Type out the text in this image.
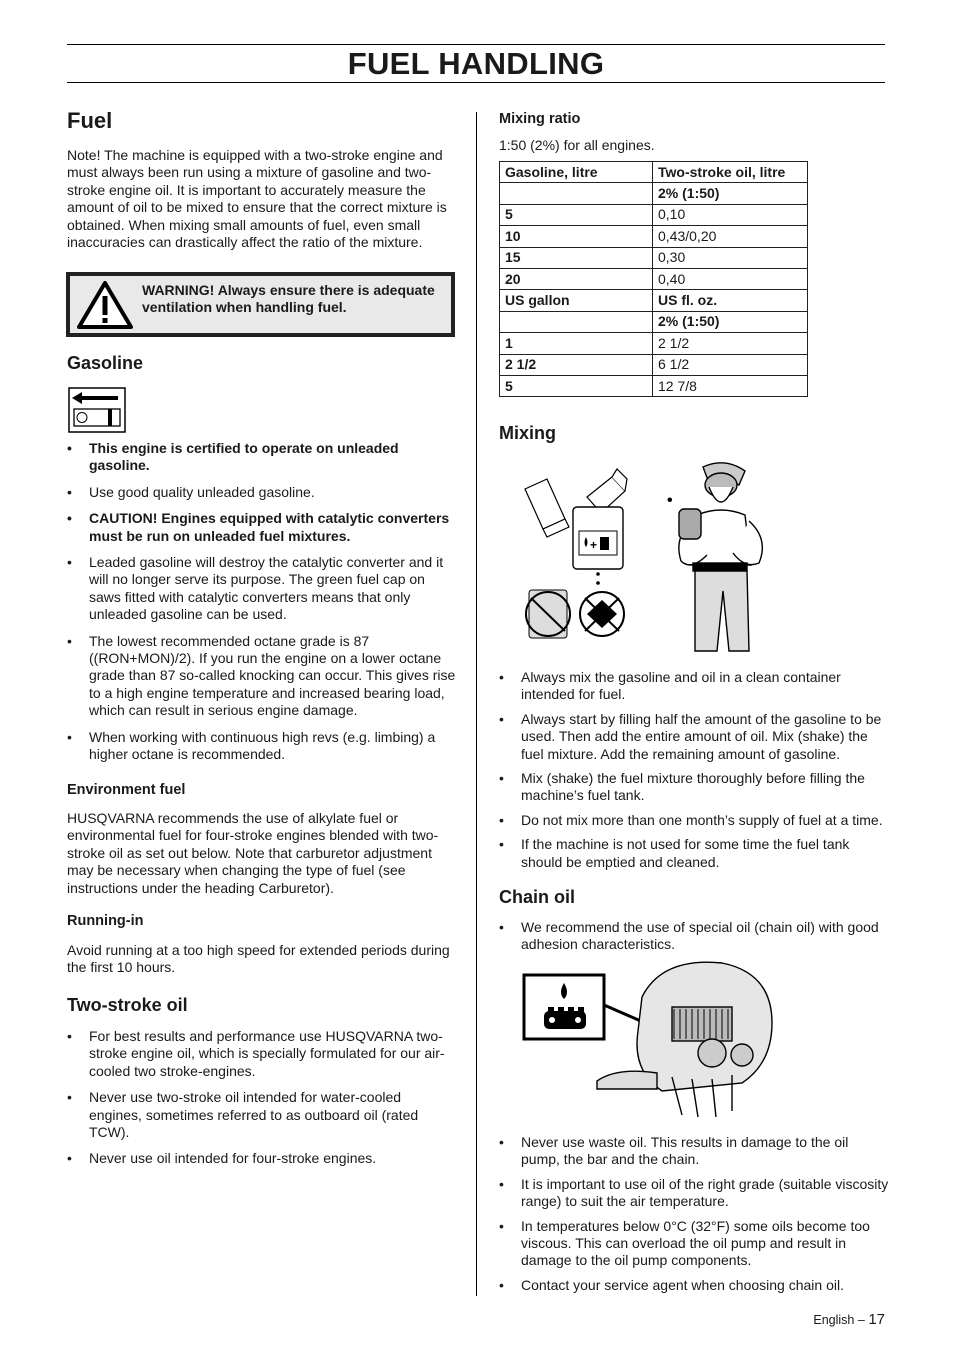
FUEL HANDLING
Fuel

Note! The machine is equipped with a two-stroke engine and must always been run using a mixture of gasoline and two-stroke engine oil. It is important to accurately measure the amount of oil to be mixed to ensure that the correct mixture is obtained. When mixing small amounts of fuel, even small inaccuracies can drastically affect the ratio of the mixture.

WARNING! Always ensure there is adequate ventilation when handling fuel.
Gasoline
• This engine is certified to operate on unleaded gasoline.
• Use good quality unleaded gasoline.
• CAUTION! Engines equipped with catalytic converters must be run on unleaded fuel mixtures.
• Leaded gasoline will destroy the catalytic converter and it will no longer serve its purpose. The green fuel cap on saws fitted with catalytic converters means that only unleaded gasoline can be used.
• The lowest recommended octane grade is 87 ((RON+MON)/2). If you run the engine on a lower octane grade than 87 so-called knocking can occur. This gives rise to a high engine temperature and increased bearing load, which can result in serious engine damage.
• When working with continuous high revs (e.g. limbing) a higher octane is recommended.
Environment fuel

HUSQVARNA recommends the use of alkylate fuel or environmental fuel for four-stroke engines blended with two-stroke oil as set out below. Note that carburetor adjustment may be necessary when changing the type of fuel (see instructions under the heading Carburetor).

Running-in

Avoid running at a too high speed for extended periods during the first 10 hours.

Two-stroke oil
• For best results and performance use HUSQVARNA two-stroke engine oil, which is specially formulated for our air-cooled two stroke-engines.
• Never use two-stroke oil intended for water-cooled engines, sometimes referred to as outboard oil (rated TCW).
• Never use oil intended for four-stroke engines.
Mixing ratio

1:50 (2%) for all engines.

Gasoline, litre	Two-stroke oil, litre
	2% (1:50)
5	0,10
10	0,43/0,20
15	0,30
20	0,40
US gallon	US fl. oz.
	2% (1:50)
1	2 1/2
2 1/2	6 1/2
5	12 7/8
Mixing
+
•
• Always mix the gasoline and oil in a clean container intended for fuel.
• Always start by filling half the amount of the gasoline to be used. Then add the entire amount of oil. Mix (shake) the fuel mixture. Add the remaining amount of gasoline.
• Mix (shake) the fuel mixture thoroughly before filling the machine’s fuel tank.
• Do not mix more than one month’s supply of fuel at a time.
• If the machine is not used for some time the fuel tank should be emptied and cleaned.
Chain oil
• We recommend the use of special oil (chain oil) with good adhesion characteristics.
• Never use waste oil. This results in damage to the oil pump, the bar and the chain.
• It is important to use oil of the right grade (suitable viscosity range) to suit the air temperature.
• In temperatures below 0°C (32°F) some oils become too viscous. This can overload the oil pump and result in damage to the oil pump components.
• Contact your service agent when choosing chain oil.
English – 17
